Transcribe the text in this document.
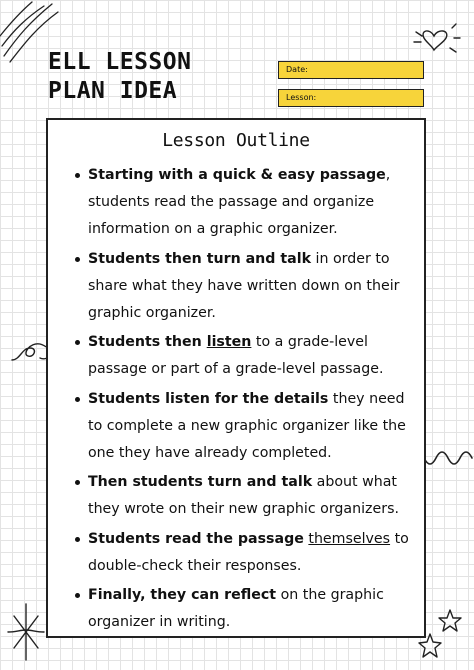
ELL LESSON
PLAN IDEA
Date:
Lesson:
Lesson Outline
Starting with a quick & easy passage, students read the passage and organize information on a graphic organizer.
Students then turn and talk in order to share what they have written down on their graphic organizer.
Students then listen to a grade-level passage or part of a grade-level passage.
Students listen for the details they need to complete a new graphic organizer like the one they have already completed.
Then students turn and talk about what they wrote on their new graphic organizers.
Students read the passage themselves to double-check their responses.
Finally, they can reflect on the graphic organizer in writing.
